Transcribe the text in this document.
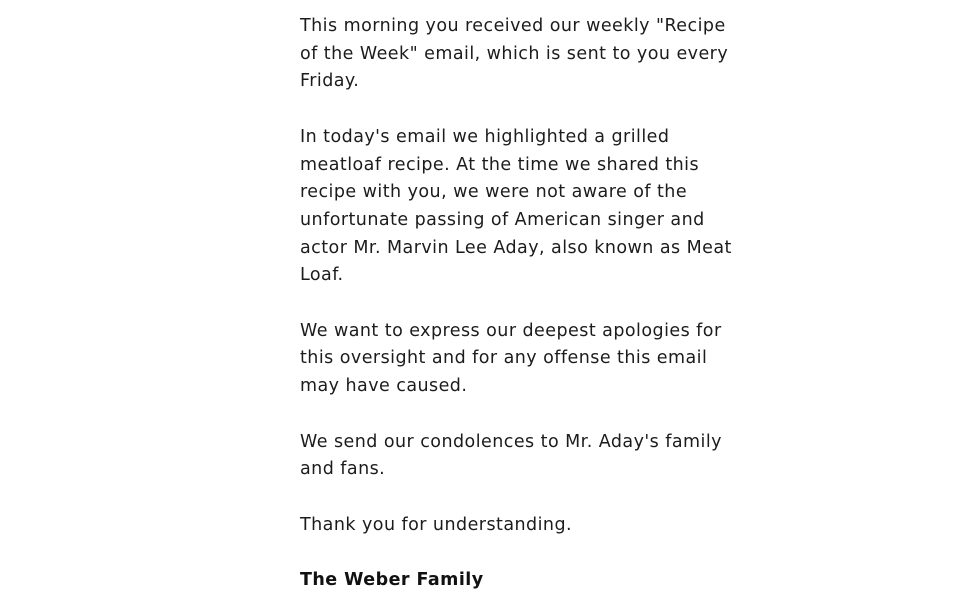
This morning you received our weekly "Recipe of the Week" email, which is sent to you every Friday.

In today's email we highlighted a grilled meatloaf recipe. At the time we shared this recipe with you, we were not aware of the unfortunate passing of American singer and actor Mr. Marvin Lee Aday, also known as Meat Loaf.

We want to express our deepest apologies for this oversight and for any offense this email may have caused.

We send our condolences to Mr. Aday's family and fans.

Thank you for understanding.

The Weber Family
